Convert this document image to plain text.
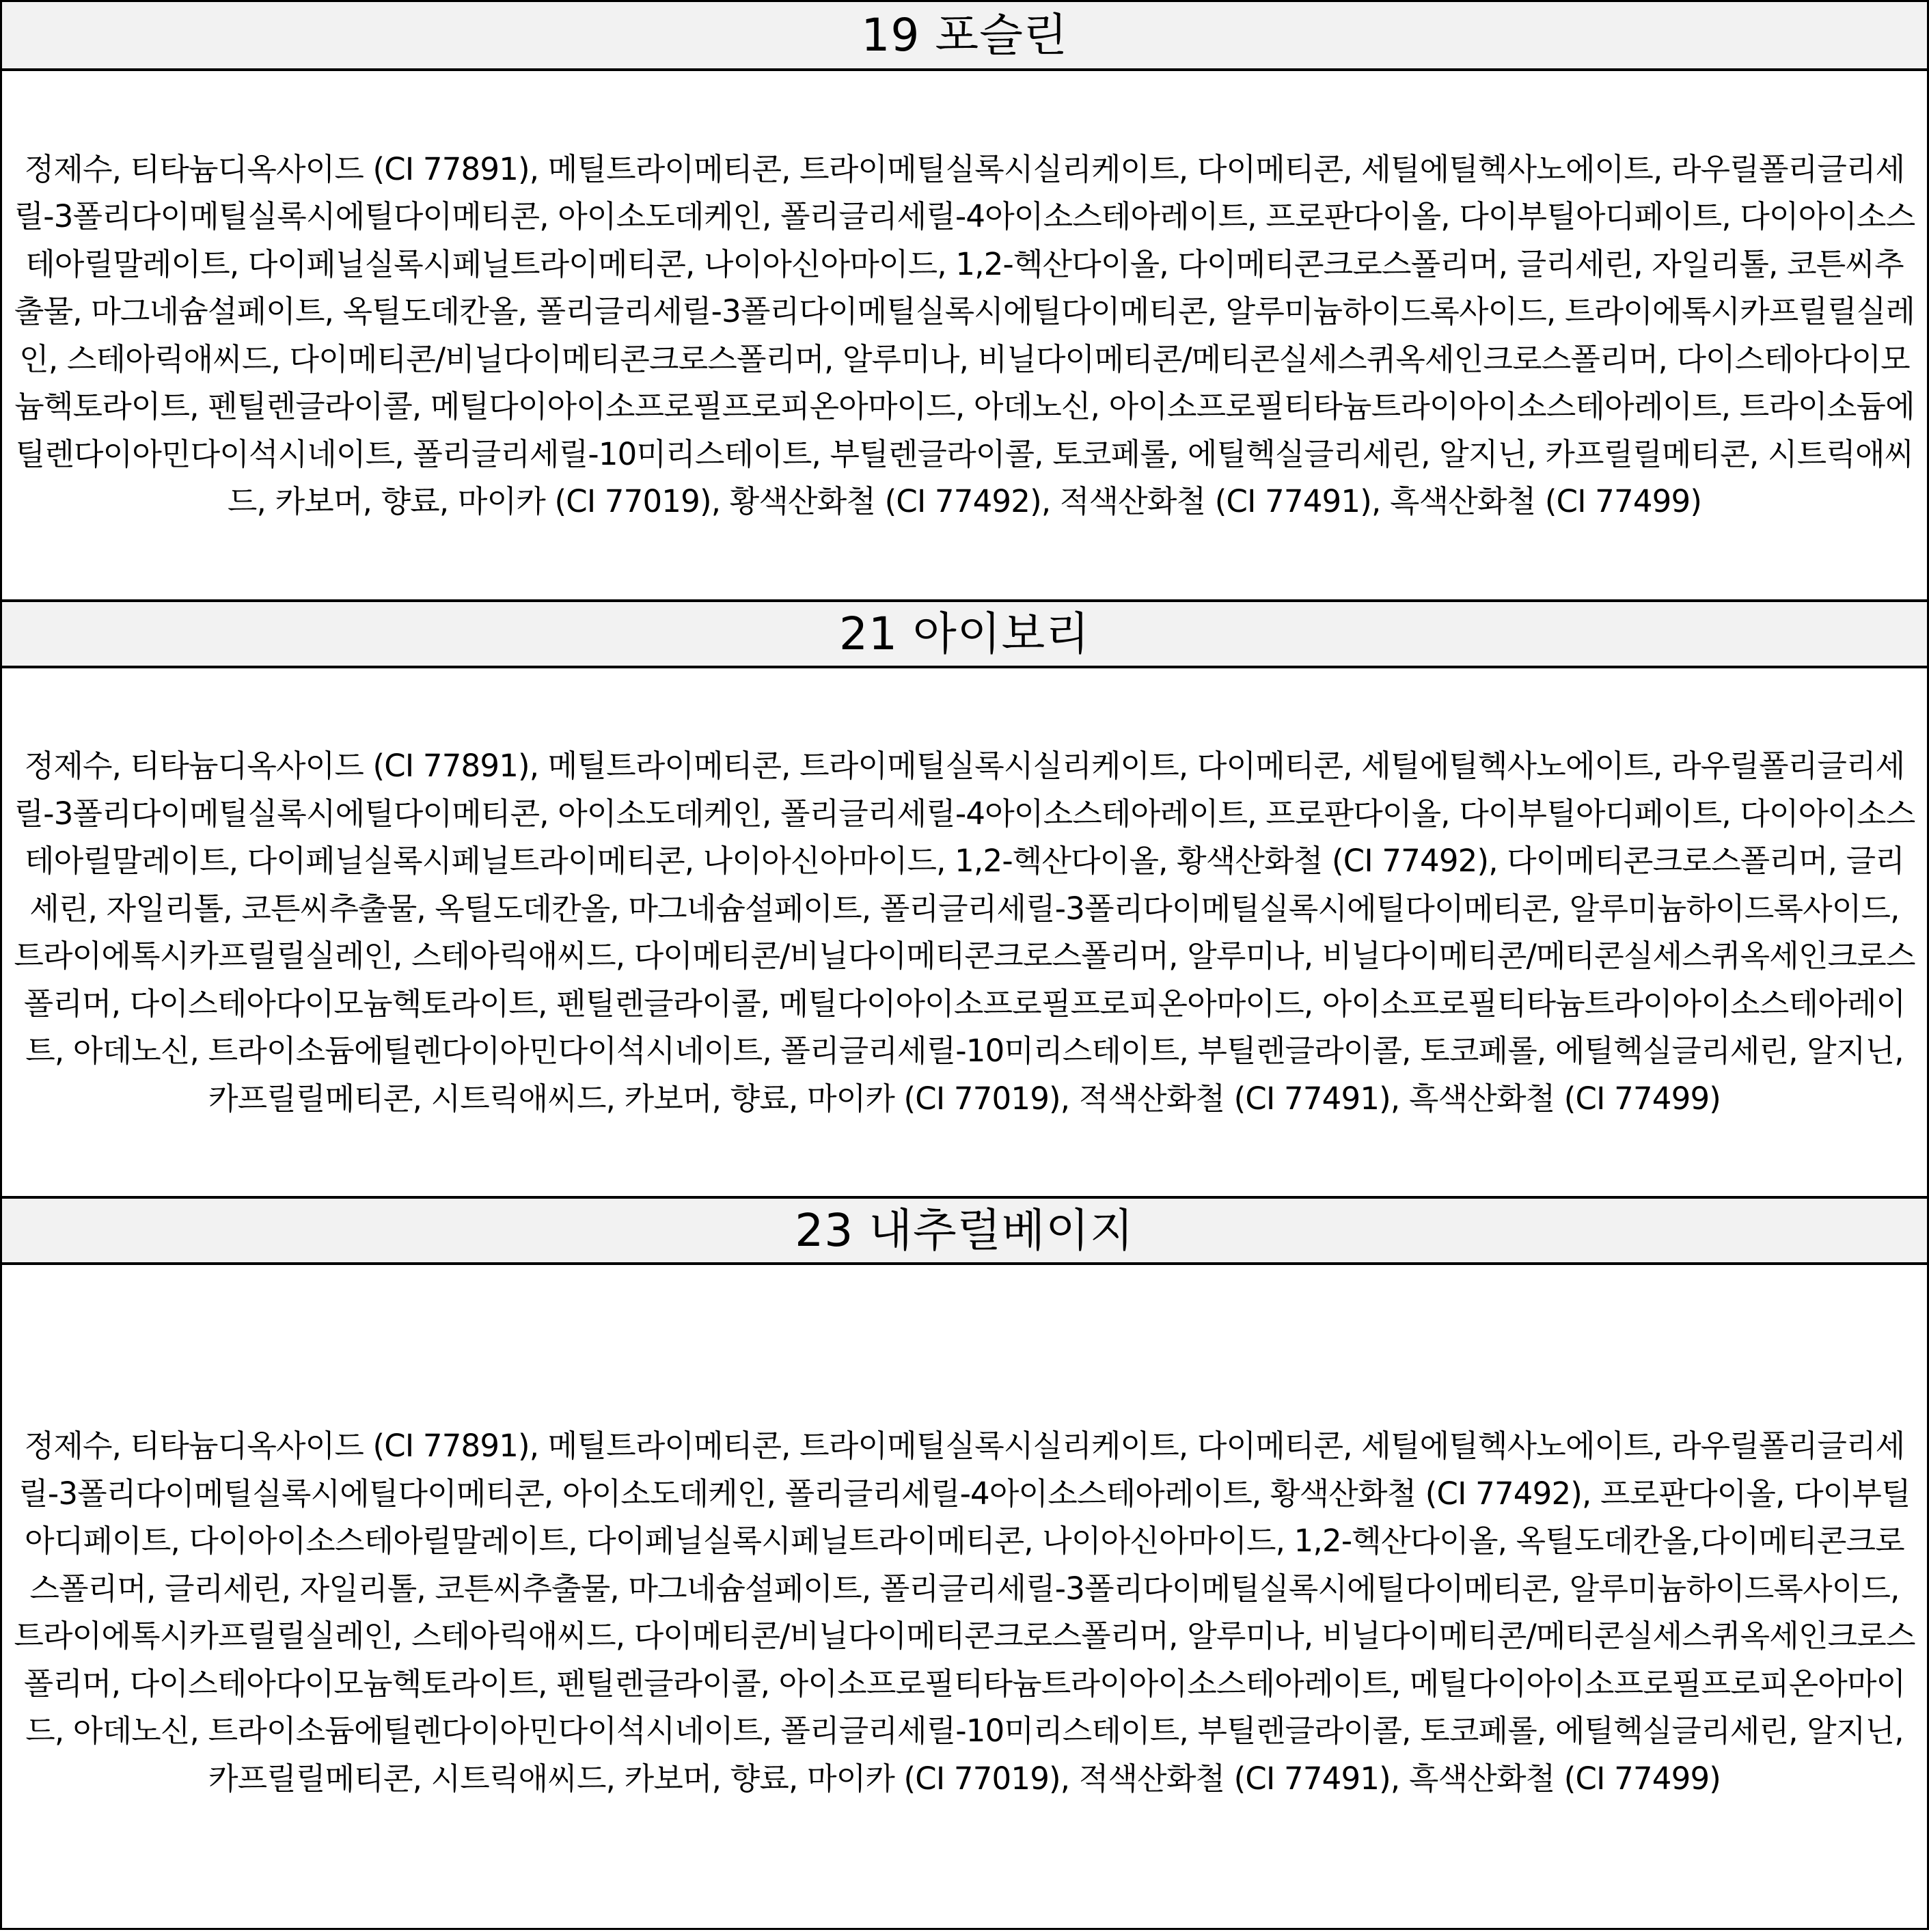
19 포슬린

정제수, 티타늄디옥사이드 (CI 77891), 메틸트라이메티콘, 트라이메틸실록시실리케이트, 다이메티콘, 세틸에틸헥사노에이트, 라우릴폴리글리세릴-3폴리다이메틸실록시에틸다이메티콘, 아이소도데케인, 폴리글리세릴-4아이소스테아레이트, 프로판다이올, 다이부틸아디페이트, 다이아이소스테아릴말레이트, 다이페닐실록시페닐트라이메티콘, 나이아신아마이드, 1,2-헥산다이올, 다이메티콘크로스폴리머, 글리세린, 자일리톨, 코튼씨추출물, 마그네슘설페이트, 옥틸도데칸올, 폴리글리세릴-3폴리다이메틸실록시에틸다이메티콘, 알루미늄하이드록사이드, 트라이에톡시카프릴릴실레인, 스테아릭애씨드, 다이메티콘/비닐다이메티콘크로스폴리머, 알루미나, 비닐다이메티콘/메티콘실세스퀴옥세인크로스폴리머, 다이스테아다이모늄헥토라이트, 펜틸렌글라이콜, 메틸다이아이소프로필프로피온아마이드, 아데노신, 아이소프로필티타늄트라이아이소스테아레이트, 트라이소듐에틸렌다이아민다이석시네이트, 폴리글리세릴-10미리스테이트, 부틸렌글라이콜, 토코페롤, 에틸헥실글리세린, 알지닌, 카프릴릴메티콘, 시트릭애씨드, 카보머, 향료, 마이카 (CI 77019), 황색산화철 (CI 77492), 적색산화철 (CI 77491), 흑색산화철 (CI 77499)

21 아이보리

정제수, 티타늄디옥사이드 (CI 77891), 메틸트라이메티콘, 트라이메틸실록시실리케이트, 다이메티콘, 세틸에틸헥사노에이트, 라우릴폴리글리세릴-3폴리다이메틸실록시에틸다이메티콘, 아이소도데케인, 폴리글리세릴-4아이소스테아레이트, 프로판다이올, 다이부틸아디페이트, 다이아이소스테아릴말레이트, 다이페닐실록시페닐트라이메티콘, 나이아신아마이드, 1,2-헥산다이올, 황색산화철 (CI 77492), 다이메티콘크로스폴리머, 글리세린, 자일리톨, 코튼씨추출물, 옥틸도데칸올, 마그네슘설페이트, 폴리글리세릴-3폴리다이메틸실록시에틸다이메티콘, 알루미늄하이드록사이드, 트라이에톡시카프릴릴실레인, 스테아릭애씨드, 다이메티콘/비닐다이메티콘크로스폴리머, 알루미나, 비닐다이메티콘/메티콘실세스퀴옥세인크로스폴리머, 다이스테아다이모늄헥토라이트, 펜틸렌글라이콜, 메틸다이아이소프로필프로피온아마이드, 아이소프로필티타늄트라이아이소스테아레이트, 아데노신, 트라이소듐에틸렌다이아민다이석시네이트, 폴리글리세릴-10미리스테이트, 부틸렌글라이콜, 토코페롤, 에틸헥실글리세린, 알지닌, 카프릴릴메티콘, 시트릭애씨드, 카보머, 향료, 마이카 (CI 77019), 적색산화철 (CI 77491), 흑색산화철 (CI 77499)

23 내추럴베이지

정제수, 티타늄디옥사이드 (CI 77891), 메틸트라이메티콘, 트라이메틸실록시실리케이트, 다이메티콘, 세틸에틸헥사노에이트, 라우릴폴리글리세릴-3폴리다이메틸실록시에틸다이메티콘, 아이소도데케인, 폴리글리세릴-4아이소스테아레이트, 황색산화철 (CI 77492), 프로판다이올, 다이부틸아디페이트, 다이아이소스테아릴말레이트, 다이페닐실록시페닐트라이메티콘, 나이아신아마이드, 1,2-헥산다이올, 옥틸도데칸올,다이메티콘크로스폴리머, 글리세린, 자일리톨, 코튼씨추출물, 마그네슘설페이트, 폴리글리세릴-3폴리다이메틸실록시에틸다이메티콘, 알루미늄하이드록사이드, 트라이에톡시카프릴릴실레인, 스테아릭애씨드, 다이메티콘/비닐다이메티콘크로스폴리머, 알루미나, 비닐다이메티콘/메티콘실세스퀴옥세인크로스폴리머, 다이스테아다이모늄헥토라이트, 펜틸렌글라이콜, 아이소프로필티타늄트라이아이소스테아레이트, 메틸다이아이소프로필프로피온아마이드, 아데노신, 트라이소듐에틸렌다이아민다이석시네이트, 폴리글리세릴-10미리스테이트, 부틸렌글라이콜, 토코페롤, 에틸헥실글리세린, 알지닌, 카프릴릴메티콘, 시트릭애씨드, 카보머, 향료, 마이카 (CI 77019), 적색산화철 (CI 77491), 흑색산화철 (CI 77499)
